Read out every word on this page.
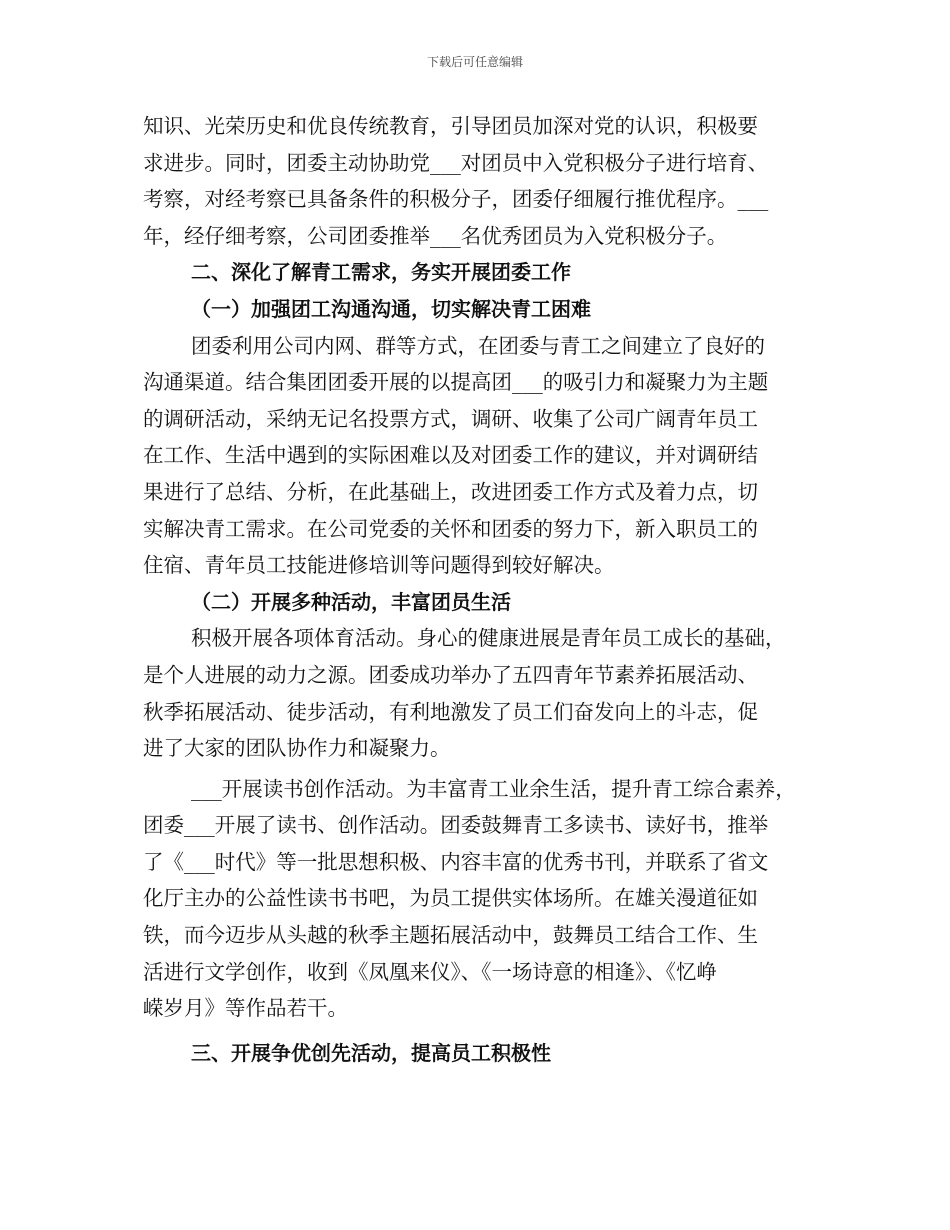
下载后可任意编辑
知识、光荣历史和优良传统教育，引导团员加深对党的认识，积极要
求进步。同时，团委主动协助党___对团员中入党积极分子进行培育、
考察，对经考察已具备条件的积极分子，团委仔细履行推优程序。___
年，经仔细考察，公司团委推举___名优秀团员为入党积极分子。
二、深化了解青工需求，务实开展团委工作
（一）加强团工沟通沟通，切实解决青工困难
团委利用公司内网、群等方式，在团委与青工之间建立了良好的
沟通渠道。结合集团团委开展的以提高团___的吸引力和凝聚力为主题
的调研活动，采纳无记名投票方式，调研、收集了公司广阔青年员工
在工作、生活中遇到的实际困难以及对团委工作的建议，并对调研结
果进行了总结、分析，在此基础上，改进团委工作方式及着力点，切
实解决青工需求。在公司党委的关怀和团委的努力下，新入职员工的
住宿、青年员工技能进修培训等问题得到较好解决。
（二）开展多种活动，丰富团员生活
积极开展各项体育活动。身心的健康进展是青年员工成长的基础，
是个人进展的动力之源。团委成功举办了五四青年节素养拓展活动、
秋季拓展活动、徒步活动，有利地激发了员工们奋发向上的斗志，促
进了大家的团队协作力和凝聚力。
___开展读书创作活动。为丰富青工业余生活，提升青工综合素养，
团委___开展了读书、创作活动。团委鼓舞青工多读书、读好书，推举
了《___时代》等一批思想积极、内容丰富的优秀书刊，并联系了省文
化厅主办的公益性读书书吧，为员工提供实体场所。在雄关漫道征如
铁，而今迈步从头越的秋季主题拓展活动中，鼓舞员工结合工作、生
活进行文学创作，收到《凤凰来仪》、《一场诗意的相逢》、《忆峥
嵘岁月》等作品若干。
三、开展争优创先活动，提高员工积极性
